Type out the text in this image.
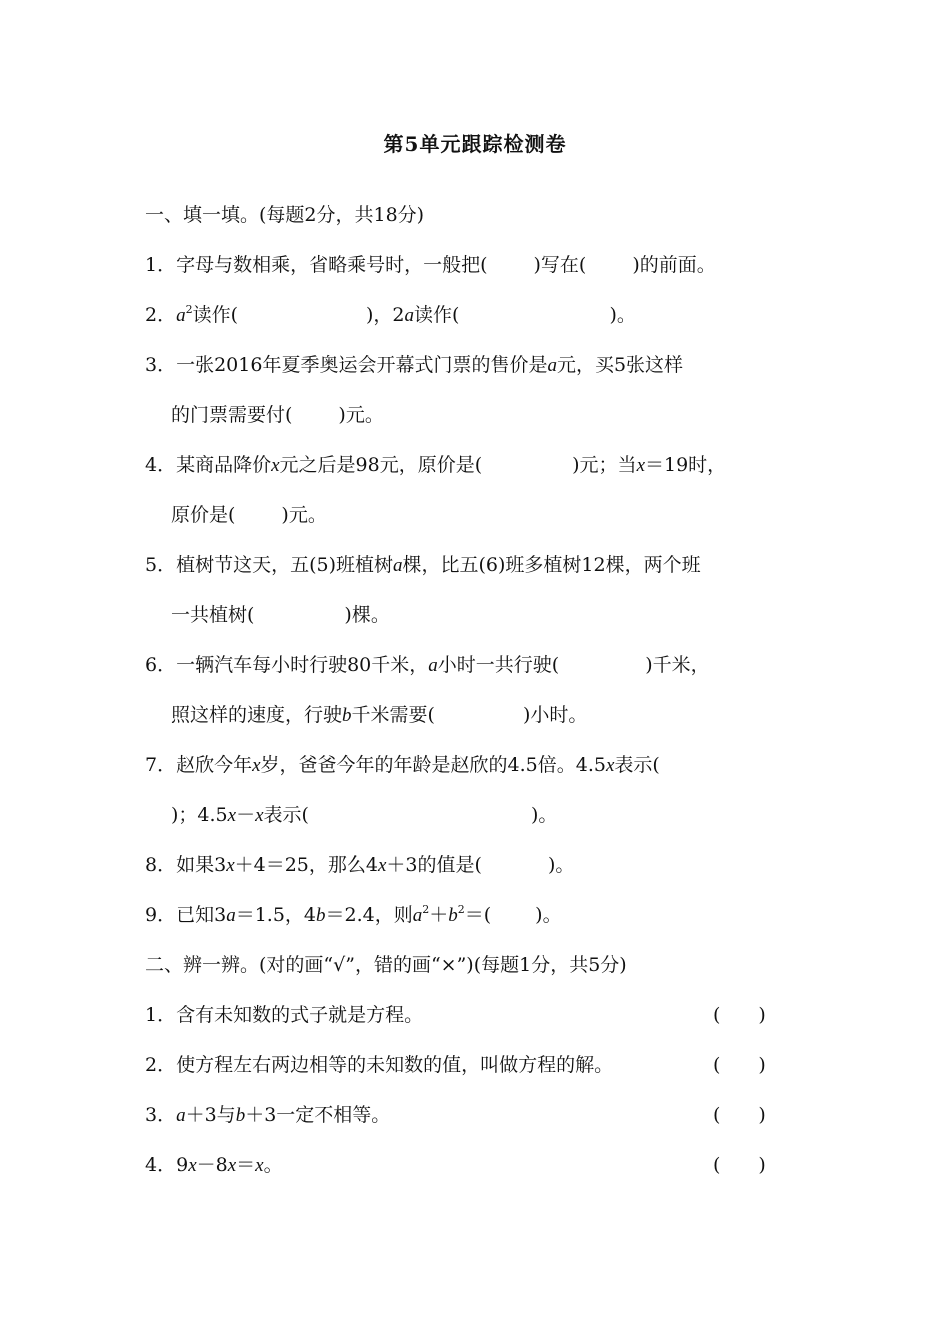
第5单元跟踪检测卷
一、填一填。(每题2分，共18分)
1．字母与数相乘，省略乘号时，一般把( )写在( )的前面。
2．$a^2$读作(	)，2a读作(	)。
3．一张2016年夏季奥运会开幕式门票的售价是a元，买5张这样
的门票需要付( )元。
4．某商品降价x元之后是98元，原价是(	)元；当x＝19时，
原价是( )元。
5．植树节这天，五(5)班植树a棵，比五(6)班多植树12棵，两个班
一共植树(	)棵。
6．一辆汽车每小时行驶80千米，a小时一共行驶(	)千米，
照这样的速度，行驶b千米需要(	)小时。
7．赵欣今年x岁，爸爸今年的年龄是赵欣的4.5倍。4.5x表示(
)；4.5x－x表示(	)。
8．如果3x＋4＝25，那么4x＋3的值是(	)。
9．已知3a＝1.5，4b＝2.4，则$a^2+b^2=$( )。
二、辨一辨。(对的画“√”，错的画“×”)(每题1分，共5分)
1．含有未知数的式子就是方程。	(　　)
2．使方程左右两边相等的未知数的值，叫做方程的解。	(　　)
3．a＋3与b＋3一定不相等。	(　　)
4．9x－8x＝x。	(　　)
